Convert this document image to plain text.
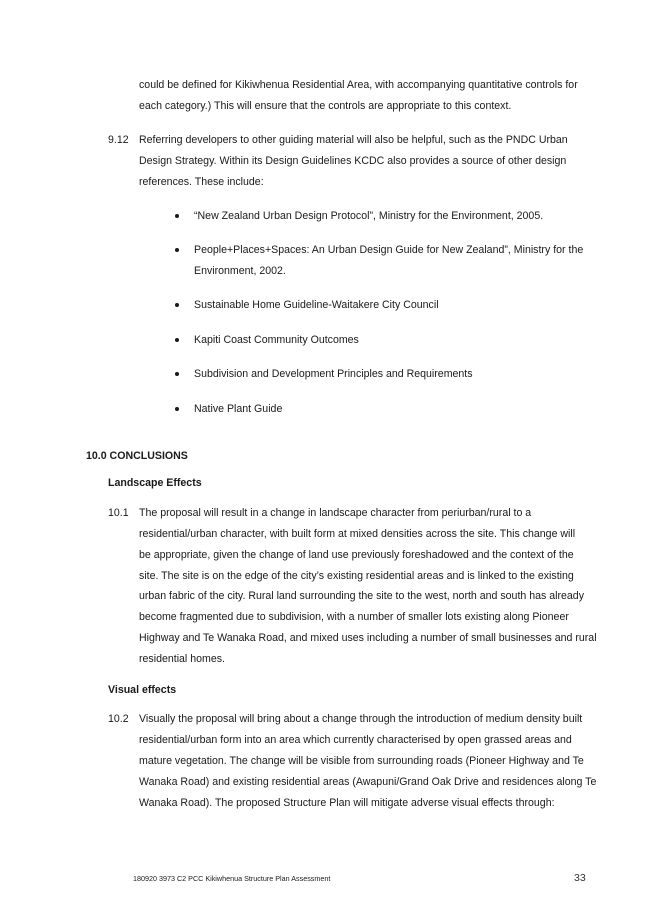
could be defined for Kikiwhenua Residential Area, with accompanying quantitative controls for
each category.) This will ensure that the controls are appropriate to this context.
9.12 Referring developers to other guiding material will also be helpful, such as the PNDC Urban
Design Strategy. Within its Design Guidelines KCDC also provides a source of other design
references. These include:
“New Zealand Urban Design Protocol”, Ministry for the Environment, 2005.
People+Places+Spaces: An Urban Design Guide for New Zealand”, Ministry for the
Environment, 2002.
Sustainable Home Guideline-Waitakere City Council
Kapiti Coast Community Outcomes
Subdivision and Development Principles and Requirements
Native Plant Guide
10.0 CONCLUSIONS
Landscape Effects
10.1 The proposal will result in a change in landscape character from periurban/rural to a
residential/urban character, with built form at mixed densities across the site. This change will
be appropriate, given the change of land use previously foreshadowed and the context of the
site. The site is on the edge of the city’s existing residential areas and is linked to the existing
urban fabric of the city. Rural land surrounding the site to the west, north and south has already
become fragmented due to subdivision, with a number of smaller lots existing along Pioneer
Highway and Te Wanaka Road, and mixed uses including a number of small businesses and rural
residential homes.
Visual effects
10.2 Visually the proposal will bring about a change through the introduction of medium density built
residential/urban form into an area which currently characterised by open grassed areas and
mature vegetation. The change will be visible from surrounding roads (Pioneer Highway and Te
Wanaka Road) and existing residential areas (Awapuni/Grand Oak Drive and residences along Te
Wanaka Road). The proposed Structure Plan will mitigate adverse visual effects through:
180920 3973 C2 PCC Kikiwhenua Structure Plan Assessment	33
